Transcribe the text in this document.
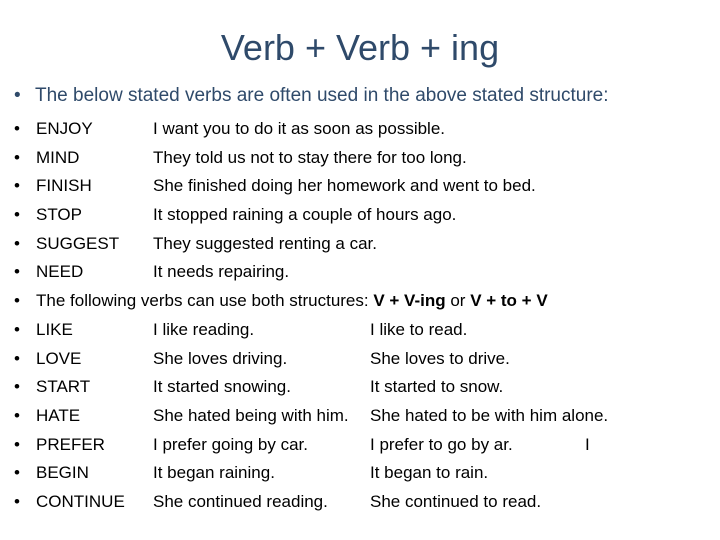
Verb + Verb + ing
• The below stated verbs are often used in the above stated structure:
• ENJOY	I want you to do it as soon as possible.
• MIND	They told us not to stay there for too long.
• FINISH	She finished doing her homework and went to bed.
• STOP	It stopped raining a couple of hours ago.
• SUGGEST They suggested renting a car.
• NEED	It needs repairing.
• The following verbs can use both structures: V + V-ing or V + to + V
• LIKE	I like reading.	I like to read.
• LOVE	She loves driving.	She loves to drive.
• START	It started snowing.	It started to snow.
• HATE	She hated being with him. She hated to be with him alone.
• PREFER	I prefer going by car.	I prefer to go by ar.	I
• BEGIN	It began raining.	It began to rain.
• CONTINUE She continued reading. She continued to read.
